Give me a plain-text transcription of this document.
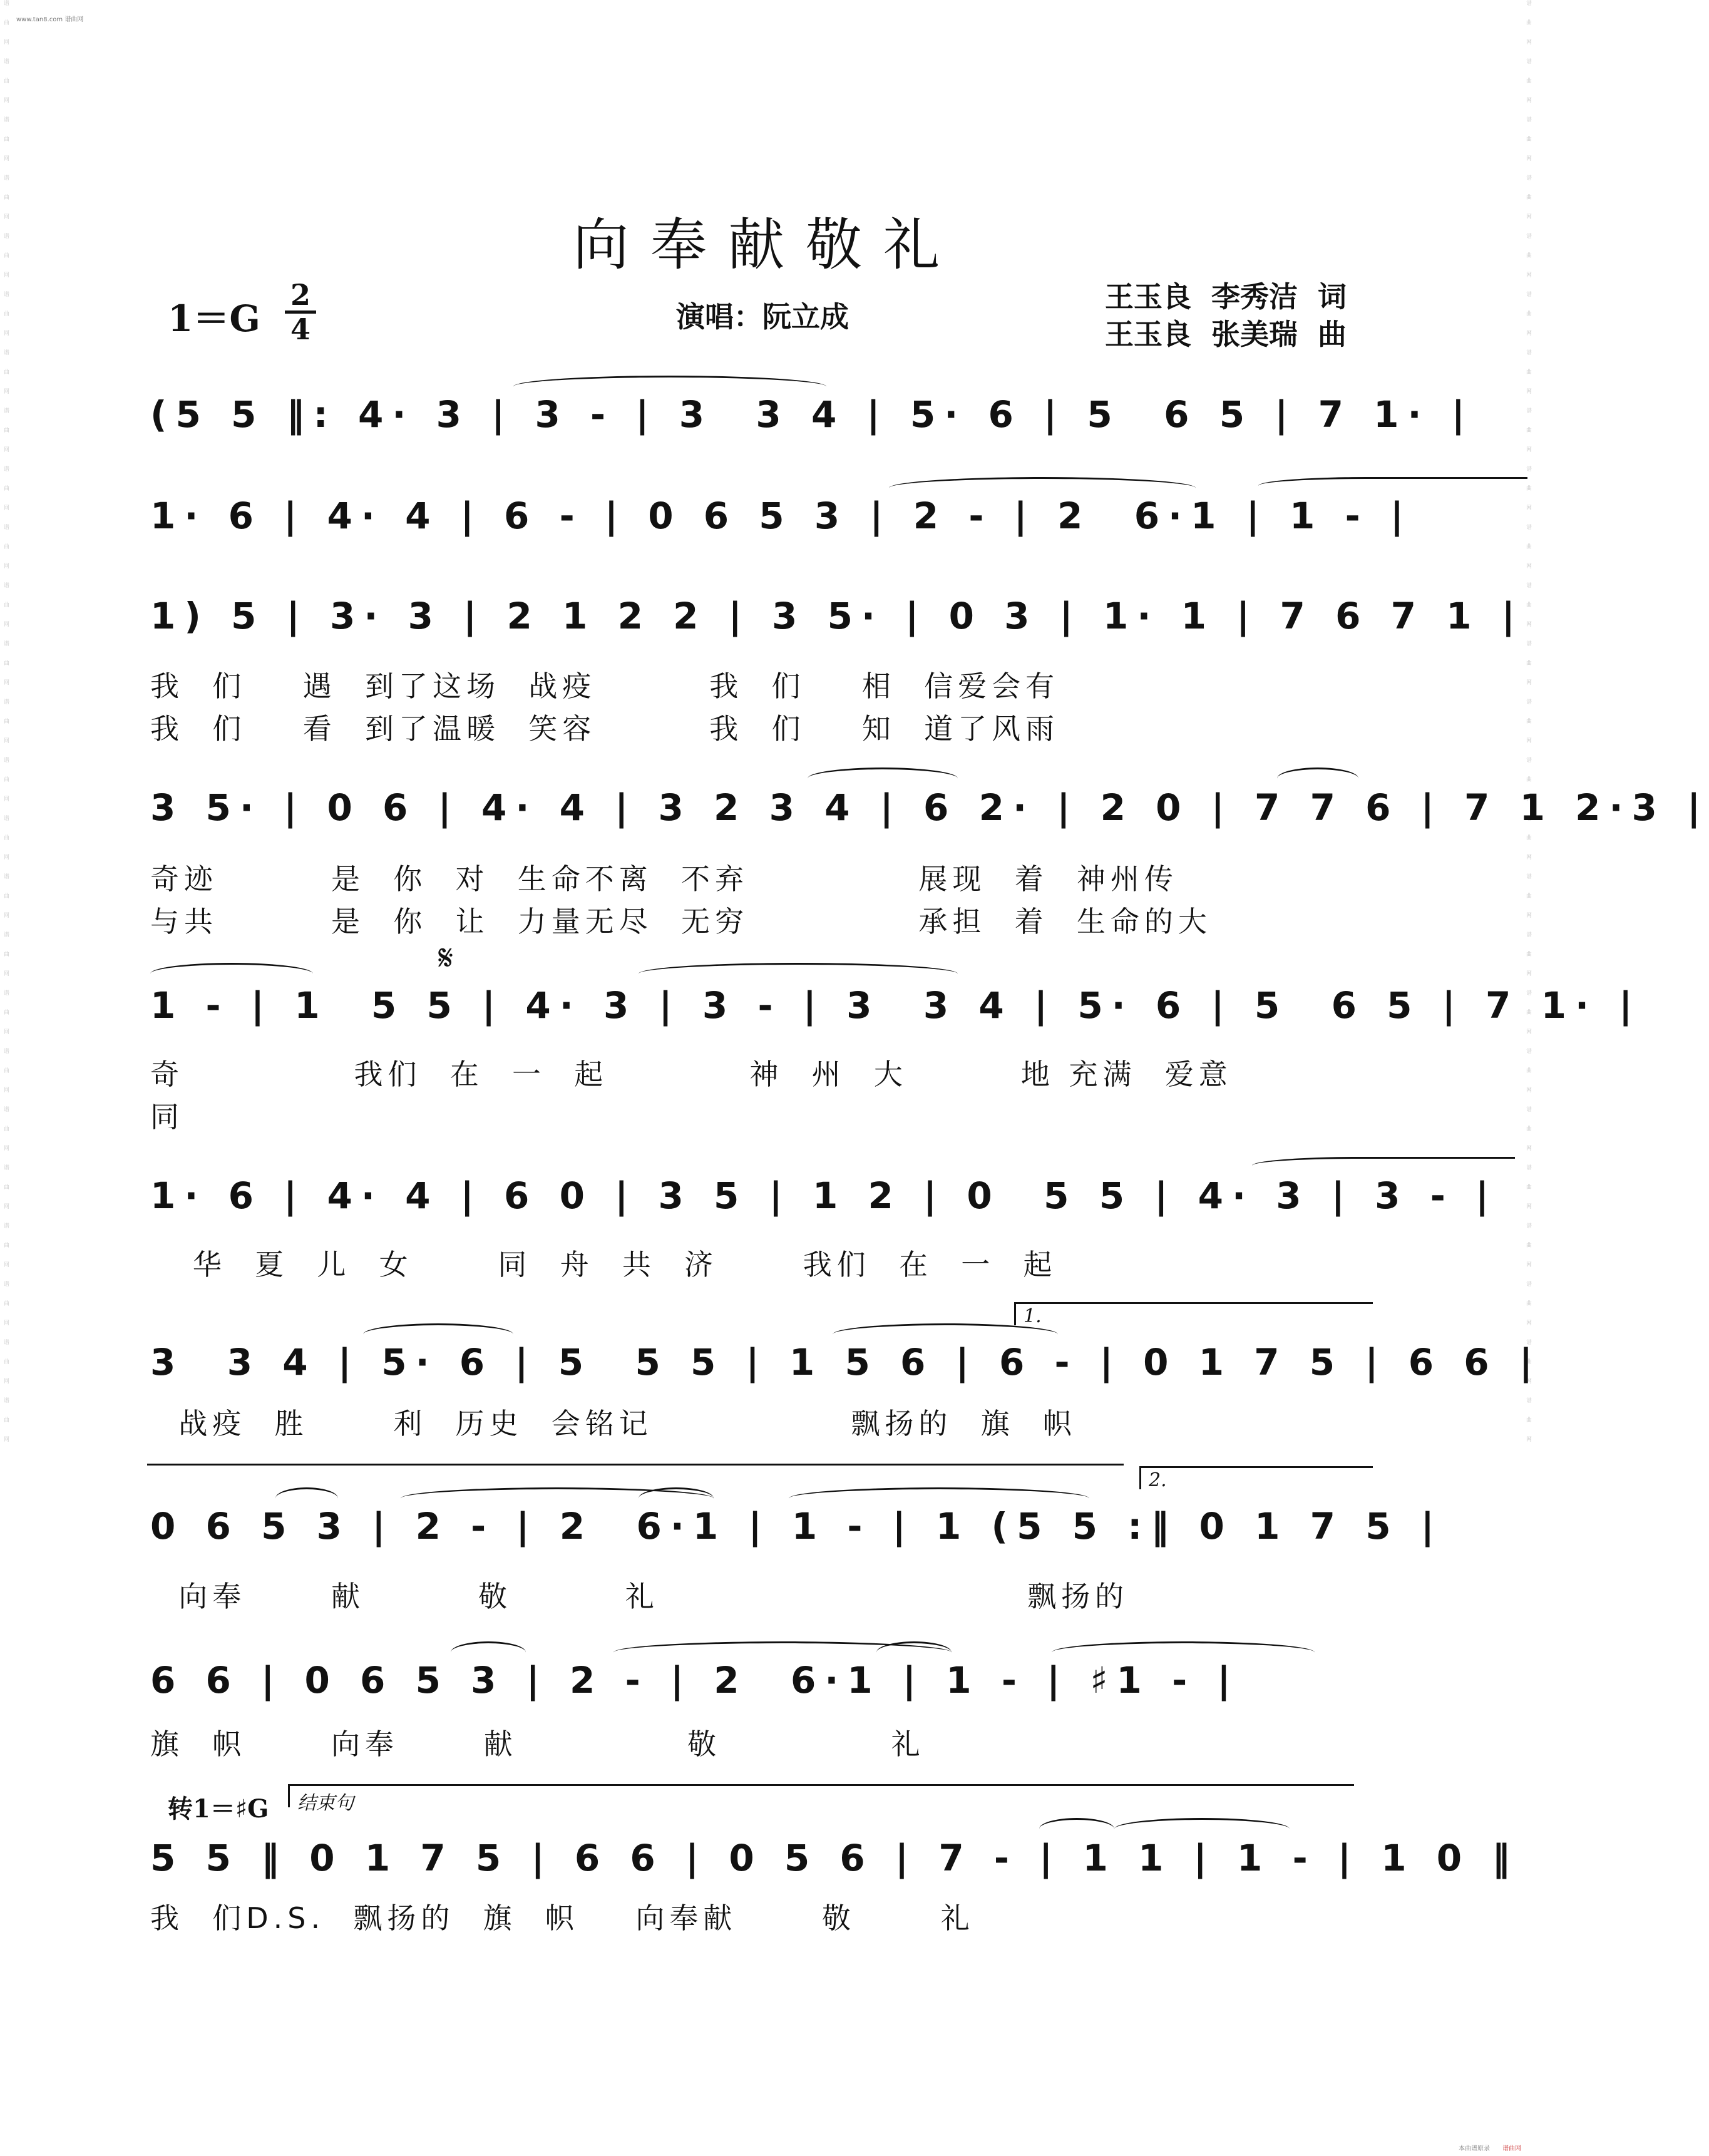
谱曲网谱曲网谱曲网谱曲网谱曲网谱曲网谱曲网谱曲网谱曲网谱曲网谱曲网谱曲网谱曲网谱曲网谱曲网谱曲网谱曲网谱曲网谱曲网谱曲网谱曲网谱曲网谱曲网谱曲网谱曲网	谱曲网谱曲网谱曲网谱曲网谱曲网谱曲网谱曲网谱曲网谱曲网谱曲网谱曲网谱曲网谱曲网谱曲网谱曲网谱曲网谱曲网谱曲网谱曲网谱曲网谱曲网谱曲网谱曲网谱曲网谱曲网
www.tan8.com 谱曲网
本曲谱原录 谱曲网
向奉献敬礼
1＝G
2
4	演唱：阮立成
王玉良  李秀洁  词
王玉良  张美瑞  曲
(5 5 ‖: 4· 3 | 3 - | 3  3 4 | 5· 6 | 5  6 5 | 7 1· |
1· 6 | 4· 4 | 6 - | 0 6 5 3 | 2 - | 2  6·1 | 1 - |
1) 5 | 3· 3 | 2 1 2 2 | 3 5· | 0 3 | 1· 1 | 7 6 7 1 |
我  们    遇  到了这场  战疫        我  们    相  信爱会有
我  们    看  到了温暖  笑容        我  们    知  道了风雨
3 5· | 0 6 | 4· 4 | 3 2 3 4 | 6 2· | 2 0 | 7 7 6 | 7 1 2·3 |
奇迹        是  你  对  生命不离  不弃            展现  着  神州传
与共        是  你  让  力量无尽  无穷            承担  着  生命的大
𝄋
1 - | 1  5 5 | 4· 3 | 3 - | 3  3 4 | 5· 6 | 5  6 5 | 7 1· |
奇            我们  在  一  起          神  州  大        地 充满  爱意
同
1· 6 | 4· 4 | 6 0 | 3 5 | 1 2 | 0  5 5 | 4· 3 | 3 - |
华  夏  儿  女      同  舟  共  济      我们  在  一  起
3  3 4 | 5· 6 | 5  5 5 | 1 5 6 | 6 - | 0 1 7 5 | 6 6 |
1.
战疫  胜      利  历史  会铭记              飘扬的  旗  帜
0 6 5 3 | 2 - | 2  6·1 | 1 - | 1 (5 5 :‖ 0 1 7 5 |
2.
向奉      献        敬        礼                          飘扬的
6 6 | 0 6 5 3 | 2 - | 2  6·1 | 1 - | ♯1 - |
旗  帜      向奉      献            敬            礼
转1＝♯G
5 5 ‖ 0 1 7 5 | 6 6 | 0 5 6 | 7 - | 1 1 | 1 - | 1 0 ‖
结束句
我  们D.S.  飘扬的  旗  帜    向奉献      敬      礼
